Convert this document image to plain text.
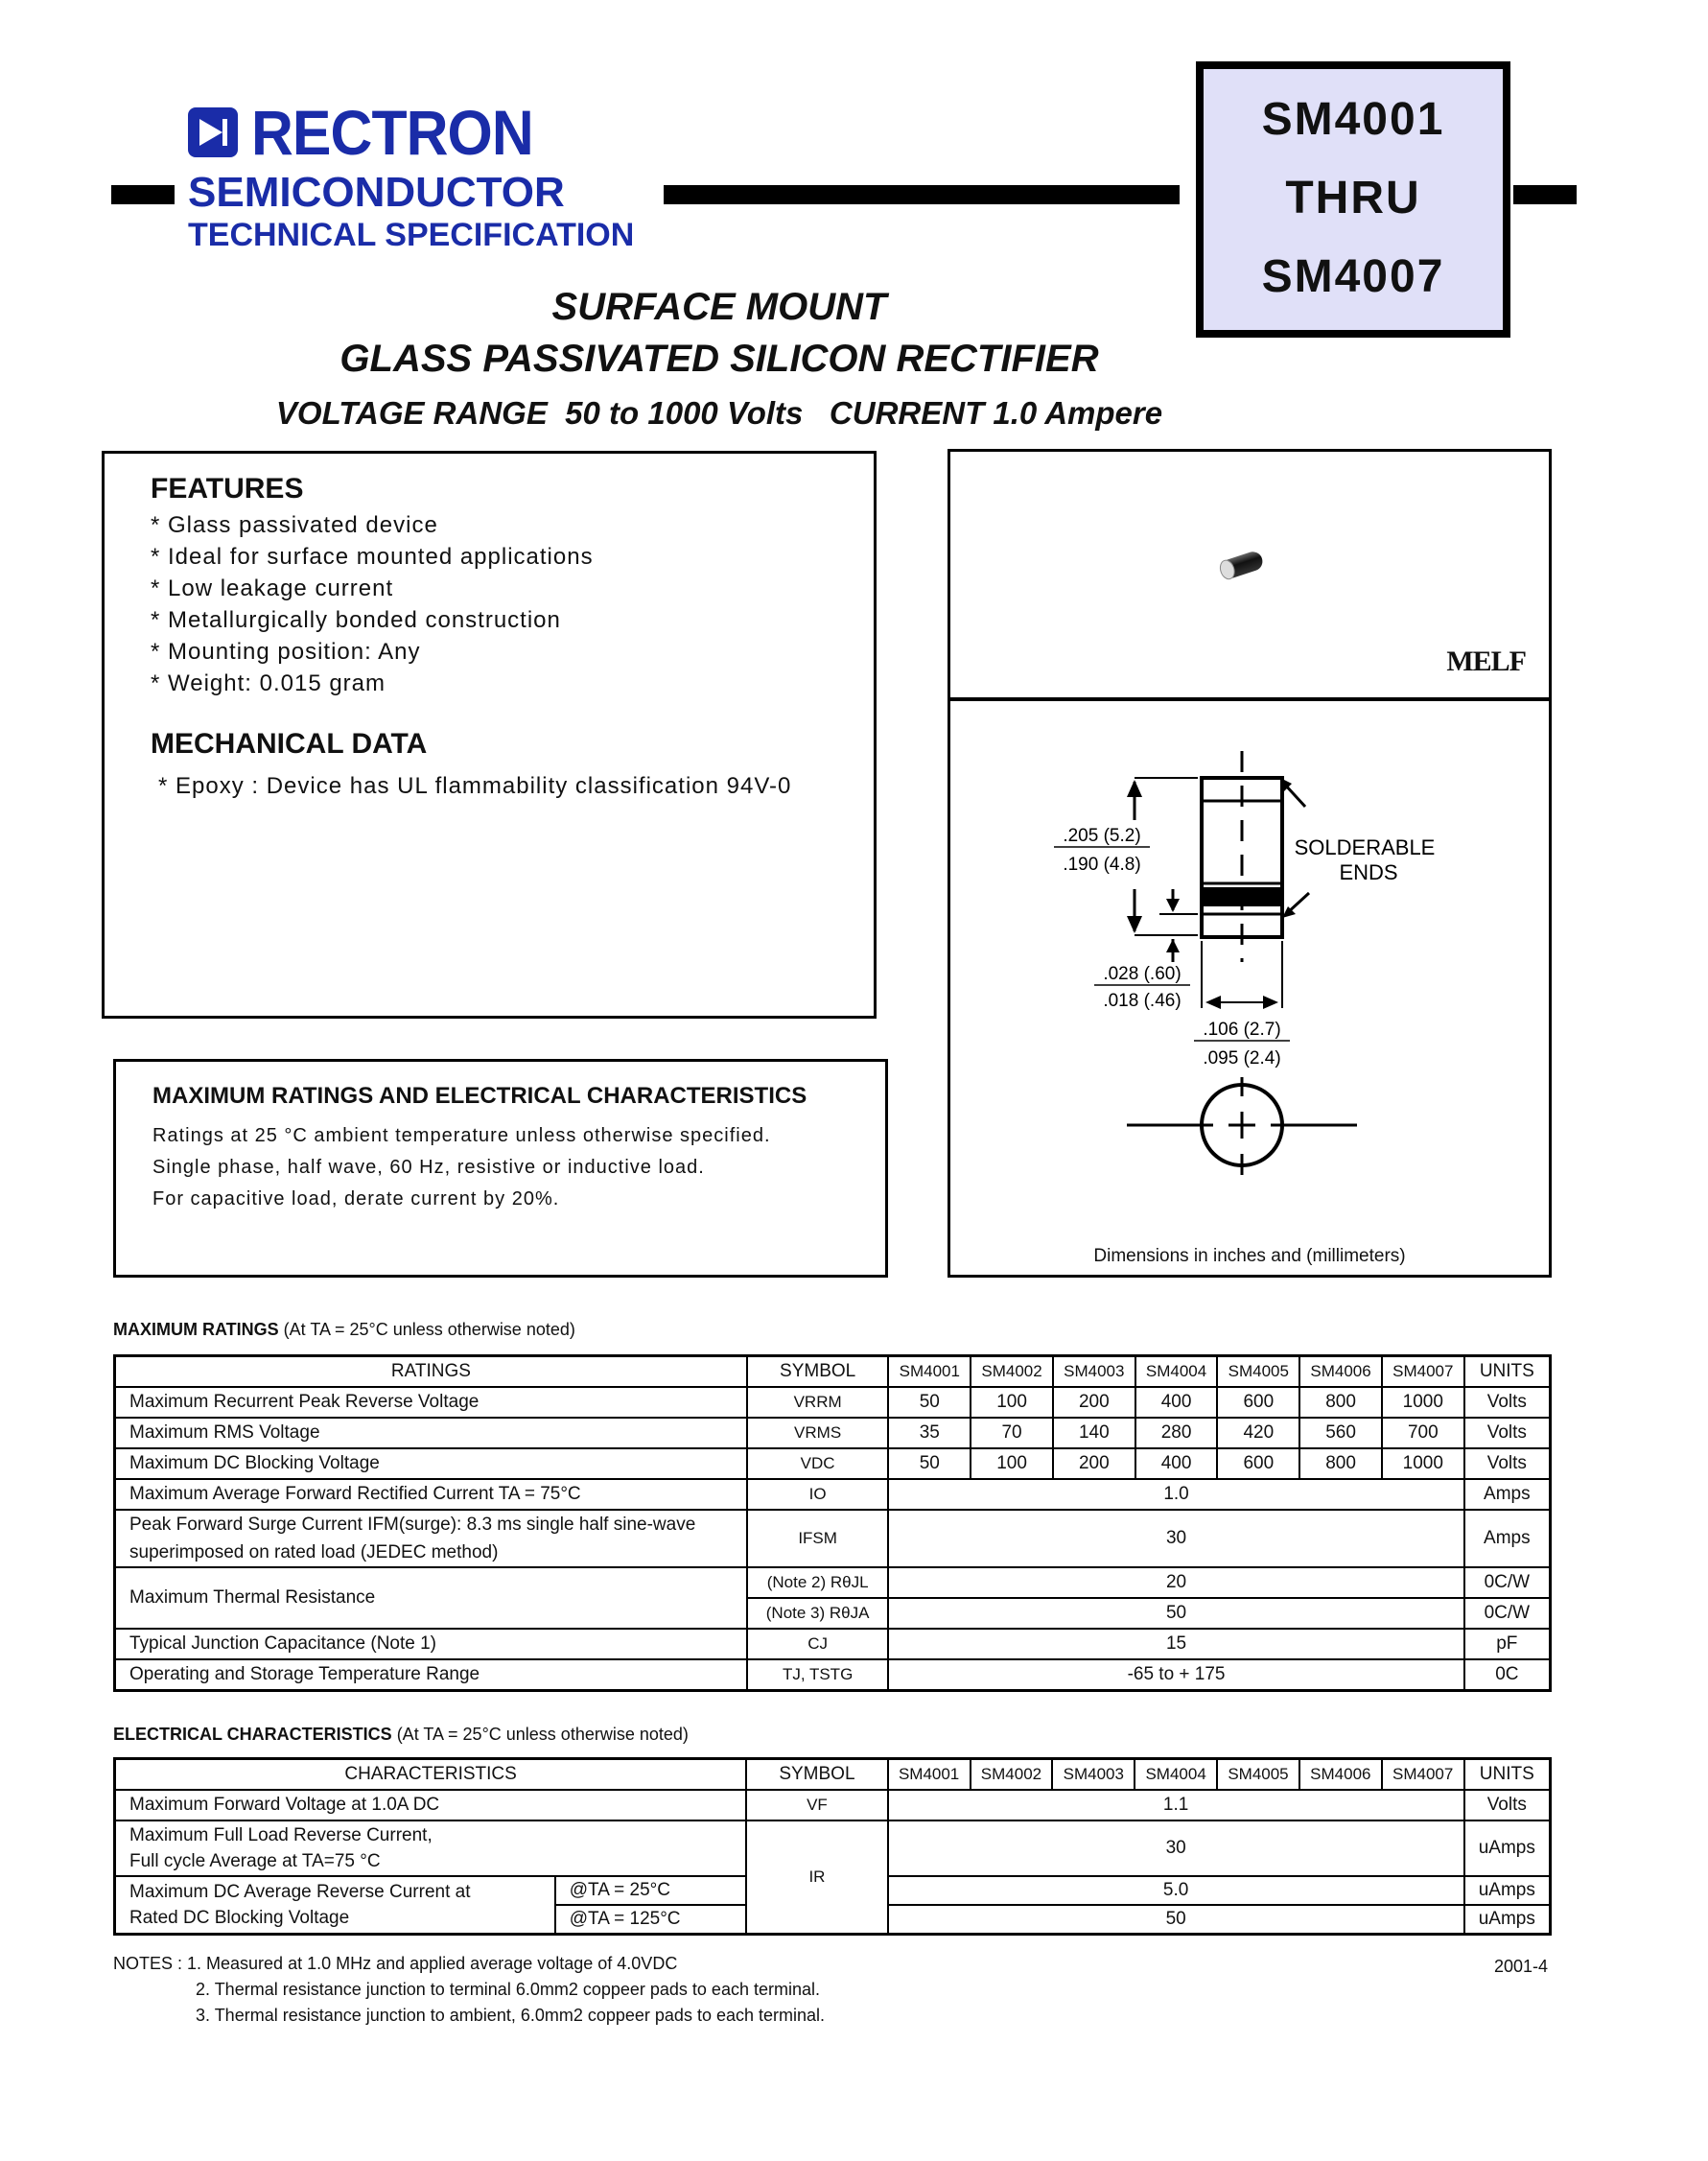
RECTRON
SEMICONDUCTOR
TECHNICAL SPECIFICATION
SM4001
THRU
SM4007
SURFACE MOUNT
GLASS PASSIVATED SILICON RECTIFIER
VOLTAGE RANGE  50 to 1000 Volts   CURRENT 1.0 Ampere
FEATURES
* Glass passivated device
* Ideal for surface mounted applications
* Low leakage current
* Metallurgically bonded construction
* Mounting position: Any
* Weight: 0.015 gram
MECHANICAL DATA
* Epoxy : Device has UL flammability classification 94V-0
MELF
SOLDERABLE
ENDS
.205 (5.2)
.190 (4.8)
.028 (.60)
.018 (.46)
.106 (2.7)
.095 (2.4)
Dimensions in inches and (millimeters)
MAXIMUM RATINGS AND ELECTRICAL CHARACTERISTICS
Ratings at 25 °C ambient temperature unless otherwise specified.
Single phase, half wave, 60 Hz, resistive or inductive load.
For capacitive load, derate current by 20%.
MAXIMUM RATINGS (At TA = 25°C unless otherwise noted)
RATINGS	SYMBOL	SM4001	SM4002	SM4003	SM4004	SM4005	SM4006	SM4007	UNITS
Maximum Recurrent Peak Reverse Voltage	VRRM	50	100	200	400	600	800	1000	Volts
Maximum RMS Voltage	VRMS	35	70	140	280	420	560	700	Volts
Maximum DC Blocking Voltage	VDC	50	100	200	400	600	800	1000	Volts
Maximum Average Forward Rectified Current TA = 75°C	IO	1.0							Amps

Peak Forward Surge Current IFM(surge): 8.3 ms single half sine-wave
superimposed on rated load (JEDEC method)	IFSM	30							Amps
Maximum Thermal Resistance	(Note 2) RθJL	20							0C/W
	(Note 3) RθJA	50							0C/W
Typical Junction Capacitance (Note 1)	CJ	15							pF
Operating and Storage Temperature Range	TJ, TSTG	-65 to + 175							0C
ELECTRICAL CHARACTERISTICS (At TA = 25°C unless otherwise noted)
CHARACTERISTICS		SYMBOL	SM4001	SM4002	SM4003	SM4004	SM4005	SM4006	SM4007	UNITS
Maximum Forward Voltage at 1.0A DC		VF	1.1							Volts

Maximum Full Load Reverse Current,
Full cycle Average at TA=75 °C		IR	30							uAmps

Maximum DC Average Reverse Current at
Rated DC Blocking Voltage	@TA = 25°C		5.0							uAmps
	@TA = 125°C		50							uAmps
NOTES : 1. Measured at 1.0 MHz and applied average voltage of 4.0VDC
2. Thermal resistance junction to terminal 6.0mm2 coppeer pads to each terminal.
3. Thermal resistance junction to ambient, 6.0mm2 coppeer pads to each terminal.
2001-4
